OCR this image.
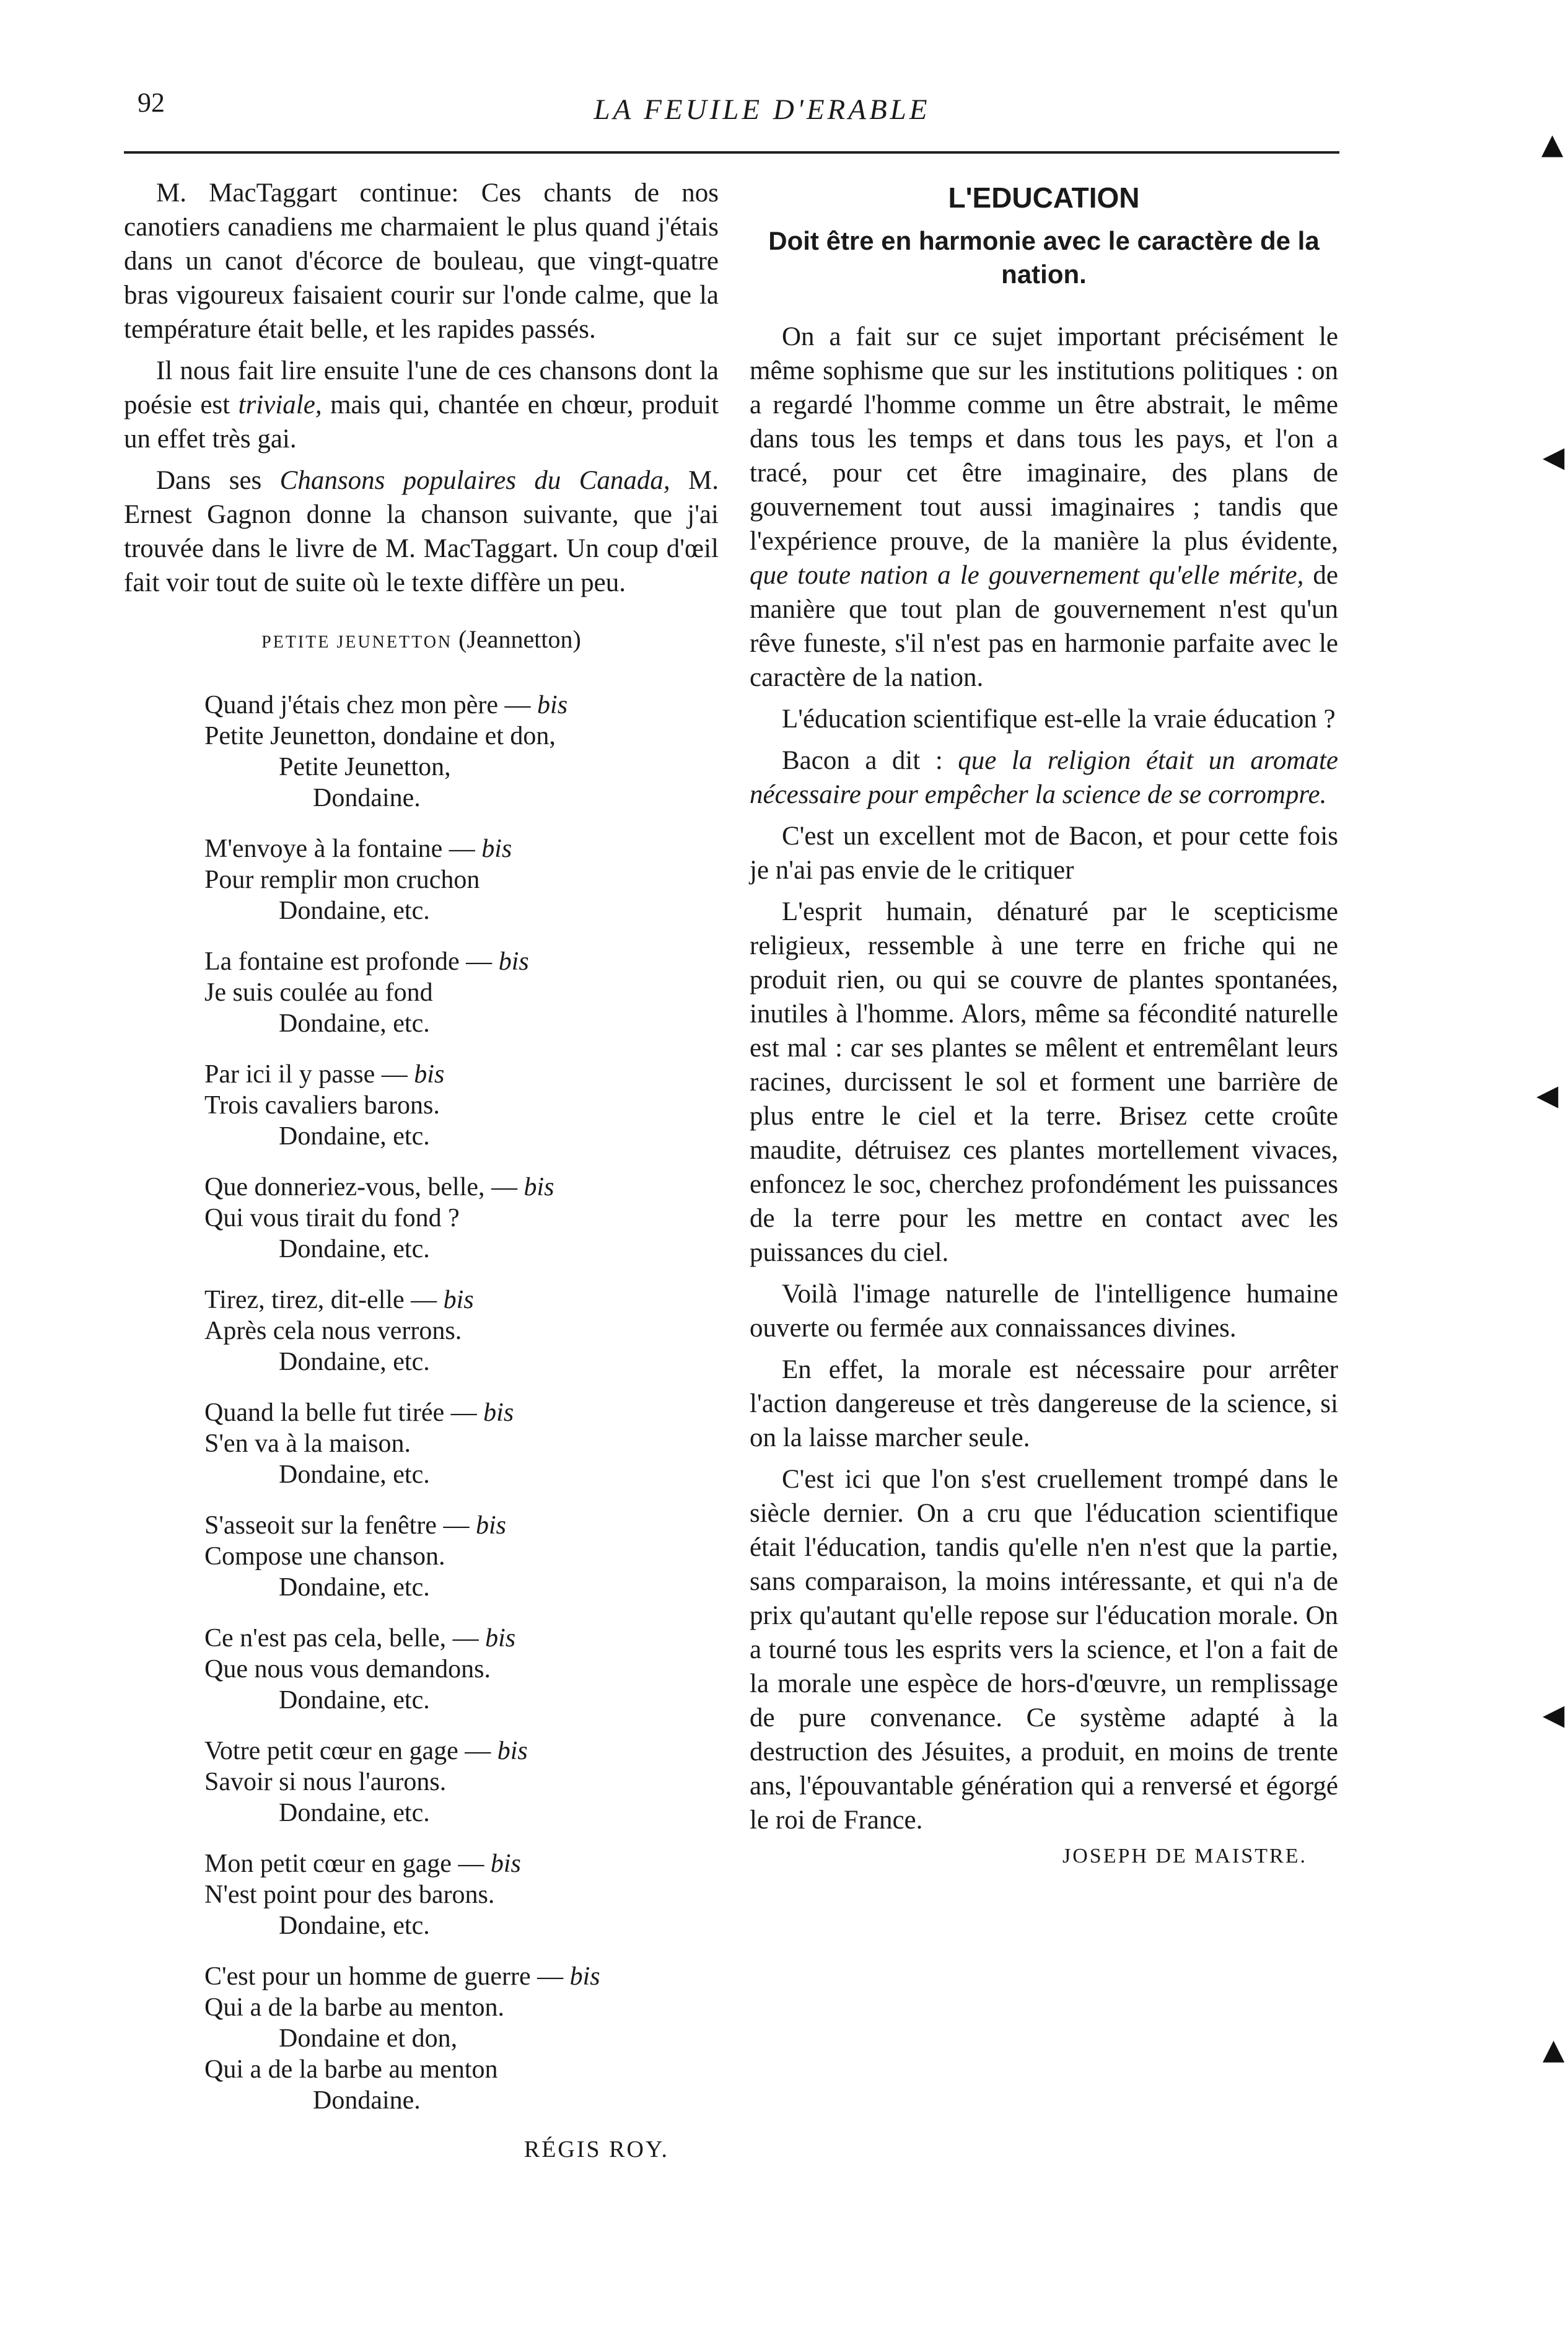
92	LA FEUILE D'ERABLE

M. MacTaggart continue: Ces chants de nos canotiers canadiens me charmaient le plus quand j'étais dans un canot d'écorce de bouleau, que vingt-quatre bras vigoureux faisaient courir sur l'onde calme, que la température était belle, et les rapides passés.

Il nous fait lire ensuite l'une de ces chansons dont la poésie est triviale, mais qui, chantée en chœur, produit un effet très gai.

Dans ses Chansons populaires du Canada, M. Ernest Gagnon donne la chanson suivante, que j'ai trouvée dans le livre de M. MacTaggart. Un coup d'œil fait voir tout de suite où le texte diffère un peu.

PETITE JEUNETTON (Jeannetton)
Quand j'étais chez mon père — bis
Petite Jeunetton, dondaine et don,
Petite Jeunetton,
Dondaine.
M'envoye à la fontaine — bis
Pour remplir mon cruchon
Dondaine, etc.
La fontaine est profonde — bis
Je suis coulée au fond
Dondaine, etc.
Par ici il y passe — bis
Trois cavaliers barons.
Dondaine, etc.
Que donneriez-vous, belle, — bis
Qui vous tirait du fond ?
Dondaine, etc.
Tirez, tirez, dit-elle — bis
Après cela nous verrons.
Dondaine, etc.
Quand la belle fut tirée — bis
S'en va à la maison.
Dondaine, etc.
S'asseoit sur la fenêtre — bis
Compose une chanson.
Dondaine, etc.
Ce n'est pas cela, belle, — bis
Que nous vous demandons.
Dondaine, etc.
Votre petit cœur en gage — bis
Savoir si nous l'aurons.
Dondaine, etc.
Mon petit cœur en gage — bis
N'est point pour des barons.
Dondaine, etc.
C'est pour un homme de guerre — bis
Qui a de la barbe au menton.
Dondaine et don,
Qui a de la barbe au menton
Dondaine.
RÉGIS ROY.
L'EDUCATION
Doit être en harmonie avec le caractère de la nation.

On a fait sur ce sujet important précisément le même sophisme que sur les institutions politiques : on a regardé l'homme comme un être abstrait, le même dans tous les temps et dans tous les pays, et l'on a tracé, pour cet être imaginaire, des plans de gouvernement tout aussi imaginaires ; tandis que l'expérience prouve, de la manière la plus évidente, que toute nation a le gouvernement qu'elle mérite, de manière que tout plan de gouvernement n'est qu'un rêve funeste, s'il n'est pas en harmonie parfaite avec le caractère de la nation.

L'éducation scientifique est-elle la vraie éducation ?

Bacon a dit : que la religion était un aromate nécessaire pour empêcher la science de se corrompre.

C'est un excellent mot de Bacon, et pour cette fois je n'ai pas envie de le critiquer

L'esprit humain, dénaturé par le scepticisme religieux, ressemble à une terre en friche qui ne produit rien, ou qui se couvre de plantes spontanées, inutiles à l'homme. Alors, même sa fécondité naturelle est mal : car ses plantes se mêlent et entremêlant leurs racines, durcissent le sol et forment une barrière de plus entre le ciel et la terre. Brisez cette croûte maudite, détruisez ces plantes mortellement vivaces, enfoncez le soc, cherchez profondément les puissances de la terre pour les mettre en contact avec les puissances du ciel.

Voilà l'image naturelle de l'intelligence humaine ouverte ou fermée aux connaissances divines.

En effet, la morale est nécessaire pour arrêter l'action dangereuse et très dangereuse de la science, si on la laisse marcher seule.

C'est ici que l'on s'est cruellement trompé dans le siècle dernier. On a cru que l'éducation scientifique était l'éducation, tandis qu'elle n'en n'est que la partie, sans comparaison, la moins intéressante, et qui n'a de prix qu'autant qu'elle repose sur l'éducation morale. On a tourné tous les esprits vers la science, et l'on a fait de la morale une espèce de hors-d'œuvre, un remplissage de pure convenance. Ce système adapté à la destruction des Jésuites, a produit, en moins de trente ans, l'épouvantable génération qui a renversé et égorgé le roi de France.

JOSEPH DE MAISTRE.
▲
◀
◀
◀
▲
